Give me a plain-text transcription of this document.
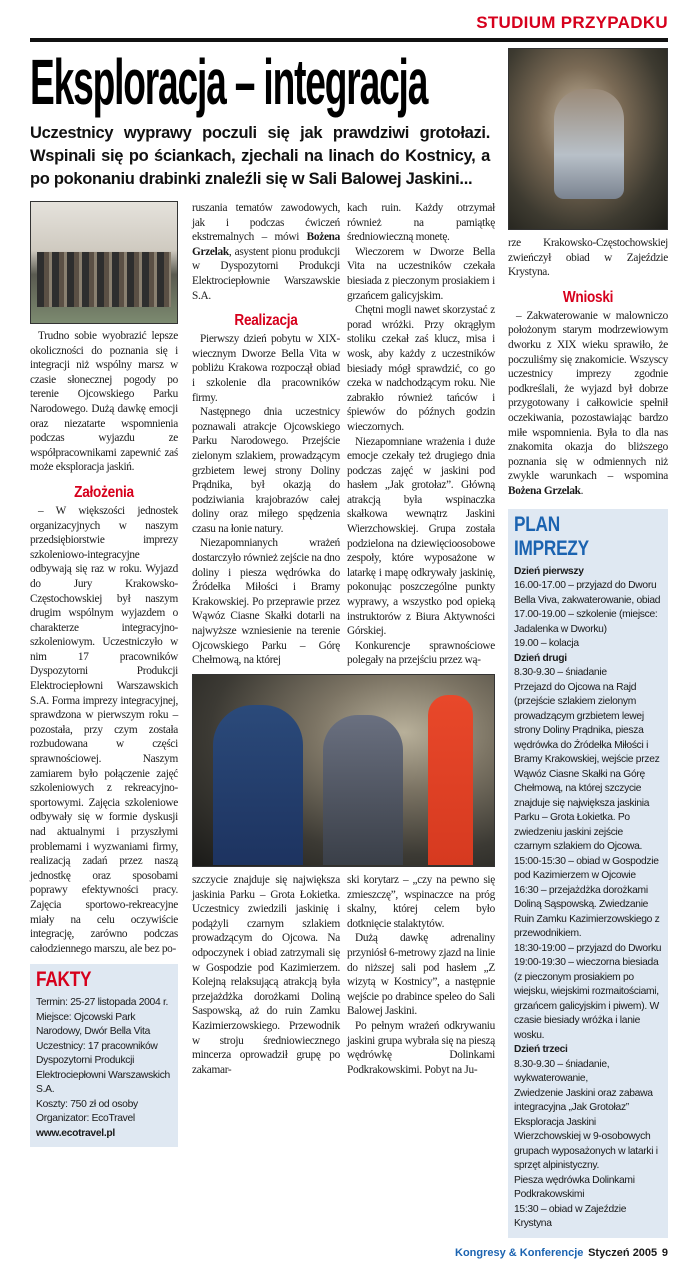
STUDIUM PRZYPADKU
Eksploracja – integracja
Uczestnicy wyprawy poczuli się jak prawdziwi grotołazi. Wspinali się po ściankach, zjechali na linach do Kostnicy, a po pokonaniu drabinki znaleźli się w Sali Balowej Jaskini...

Trudno sobie wyobrazić lepsze okoliczności do poznania się i integracji niż wspólny marsz w czasie słonecznej pogody po terenie Ojcowskiego Parku Narodowego. Dużą dawkę emocji oraz niezatarte wspomnienia podczas wyjazdu ze współpracownikami zapewnić zaś może eksploracja jaskiń.

Założenia

– W większości jednostek organizacyjnych w naszym przedsiębiorstwie imprezy szkoleniowo-integracyjne odbywają się raz w roku. Wyjazd do Jury Krakowsko-Częstochowskiej był naszym drugim wspólnym wyjazdem o charakterze integracyjno-szkoleniowym. Uczestniczyło w nim 17 pracowników Dyspozytorni Produkcji Elektrociepłowni Warszawskich S.A. Forma imprezy integracyjnej, sprawdzona w pierwszym roku – pozostała, przy czym została rozbudowana w części sprawnościowej. Naszym zamiarem było połączenie zajęć szkoleniowych z rekreacyjno-sportowymi. Zajęcia szkoleniowe odbywały się w formie dyskusji nad aktualnymi i przyszłymi problemami i wyzwaniami firmy, realizacją zadań przez naszą jednostkę oraz sposobami poprawy efektywności pracy. Zajęcia sportowo-rekreacyjne miały na celu oczywiście integrację, zarówno podczas całodziennego marszu, ale bez po-

FAKTY
Termin: 25-27 listopada 2004 r.
Miejsce: Ojcowski Park Narodowy, Dwór Bella Vita
Uczestnicy: 17 pracowników Dyspozytorni Produkcji Elektrociepłowni Warszawskich S.A.
Koszty: 750 zł od osoby
Organizator: EcoTravel
www.ecotravel.pl

ruszania tematów zawodowych, jak i podczas ćwiczeń ekstremalnych – mówi Bożena Grzelak, asystent pionu produkcji w Dyspozytorni Produkcji Elektrociepłownie Warszawskie S.A.

Realizacja

Pierwszy dzień pobytu w XIX-wiecznym Dworze Bella Vita w pobliżu Krakowa rozpoczął obiad i szkolenie dla pracowników firmy.

Następnego dnia uczestnicy poznawali atrakcje Ojcowskiego Parku Narodowego. Przejście zielonym szlakiem, prowadzącym grzbietem lewej strony Doliny Prądnika, był okazją do podziwiania krajobrazów całej doliny oraz miłego spędzenia czasu na łonie natury.

Niezapomnianych wrażeń dostarczyło również zejście na dno doliny i piesza wędrówka do Źródełka Miłości i Bramy Krakowskiej. Po przeprawie przez Wąwóz Ciasne Skałki dotarli na najwyższe wzniesienie na terenie Ojcowskiego Parku – Górę Chełmową, na której

kach ruin. Każdy otrzymał również na pamiątkę średniowieczną monetę.

Wieczorem w Dworze Bella Vita na uczestników czekała biesiada z pieczonym prosiakiem i grzańcem galicyjskim.

Chętni mogli nawet skorzystać z porad wróżki. Przy okrągłym stoliku czekał zaś klucz, misa i wosk, aby każdy z uczestników biesiady mógł sprawdzić, co go czeka w nadchodzącym roku. Nie zabrakło również tańców i śpiewów do późnych godzin wieczornych.

Niezapomniane wrażenia i duże emocje czekały też drugiego dnia podczas zajęć w jaskini pod hasłem „Jak grotołaz”. Główną atrakcją była wspinaczka skałkowa wewnątrz Jaskini Wierzchowskiej. Grupa została podzielona na dziewięcioosobowe zespoły, które wyposażone w latarkę i mapę odkrywały jaskinię, pokonując poszczególne punkty wyprawy, a wszystko pod opieką instruktorów z Biura Aktywności Górskiej.

Konkurencje sprawnościowe polegały na przejściu przez wą-

szczycie znajduje się największa jaskinia Parku – Grota Łokietka. Uczestnicy zwiedzili jaskinię i podążyli czarnym szlakiem prowadzącym do Ojcowa. Na odpoczynek i obiad zatrzymali się w Gospodzie pod Kazimierzem. Kolejną relaksującą atrakcją była przejażdżka dorożkami Doliną Saspowską, aż do ruin Zamku Kazimierzowskiego. Przewodnik w stroju średniowiecznego mincerza oprowadził grupę po zakamar-

ski korytarz – „czy na pewno się zmieszczę”, wspinaczce na próg skalny, której celem było dotknięcie stalaktytów.

Dużą dawkę adrenaliny przyniósł 6-metrowy zjazd na linie do niższej sali pod hasłem „Z wizytą w Kostnicy”, a następnie wejście po drabince speleo do Sali Balowej Jaskini.

Po pełnym wrażeń odkrywaniu jaskini grupa wybrała się na pieszą wędrówkę Dolinkami Podkrakowskimi. Pobyt na Ju-

rze Krakowsko-Częstochowskiej zwieńczył obiad w Zajeździe Krystyna.

Wnioski

– Zakwaterowanie w malowniczo położonym starym modrzewiowym dworku z XIX wieku sprawiło, że poczuliśmy się znakomicie. Wszyscy uczestnicy imprezy zgodnie podkreślali, że wyjazd był dobrze przygotowany i całkowicie spełnił oczekiwania, pozostawiając bardzo miłe wspomnienia. Była to dla nas znakomita okazja do bliższego poznania się w odmiennych niż zwykle warunkach – wspomina Bożena Grzelak.

PLAN IMPREZY
Dzień pierwszy
16.00-17.00 – przyjazd do Dworu Bella Viva, zakwaterowanie, obiad
17.00-19.00 – szkolenie (miejsce: Jadalenka w Dworku)
19.00 – kolacja
Dzień drugi
8.30-9.30 – śniadanie
Przejazd do Ojcowa na Rajd (przejście szlakiem zielonym prowadzącym grzbietem lewej strony Doliny Prądnika, piesza wędrówka do Źródełka Miłości i Bramy Krakowskiej, wejście przez Wąwóz Ciasne Skałki na Górę Chełmową, na której szczycie znajduje się największa jaskinia Parku – Grota Łokietka. Po zwiedzeniu jaskini zejście czarnym szlakiem do Ojcowa.
15:00-15:30 – obiad w Gospodzie pod Kazimierzem w Ojcowie
16:30 – przejażdżka dorożkami Doliną Sąspowską. Zwiedzanie Ruin Zamku Kazimierzowskiego z przewodnikiem.
18:30-19:00 – przyjazd do Dworku
19:00-19:30 – wieczorna biesiada (z pieczonym prosiakiem po wiejsku, wiejskimi rozmaitościami, grzańcem galicyjskim i piwem). W czasie biesiady wróżka i lanie wosku.
Dzień trzeci
8.30-9.30 – śniadanie, wykwaterowanie,
Zwiedzenie Jaskini oraz zabawa integracyjna „Jak Grotołaz”
Eksploracja Jaskini Wierzchowskiej w 9-osobowych grupach wyposażonych w latarki i sprzęt alpinistyczny.
Piesza wędrówka Dolinkami Podkrakowskimi
15:30 – obiad w Zajeździe Krystyna
Kongresy & Konferencje Styczeń 2005 9
